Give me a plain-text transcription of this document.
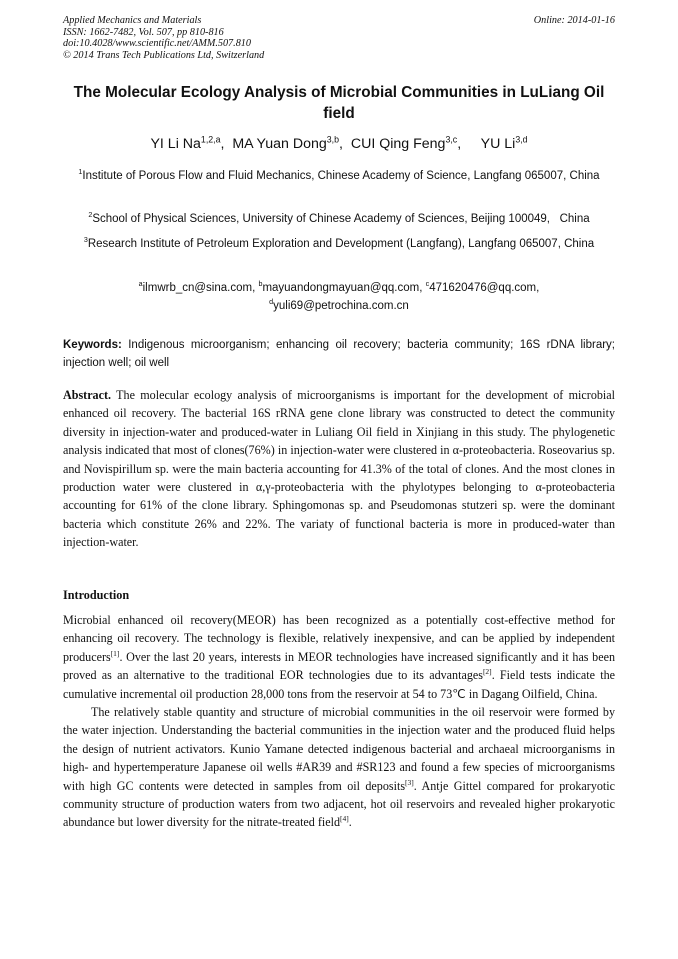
Applied Mechanics and Materials
ISSN: 1662-7482, Vol. 507, pp 810-816
doi:10.4028/www.scientific.net/AMM.507.810
© 2014 Trans Tech Publications Ltd, Switzerland
Online: 2014-01-16
The Molecular Ecology Analysis of Microbial Communities in LuLiang Oil field
YI Li Na$^{1,2,a}$,  MA Yuan Dong$^{3,b}$,  CUI Qing Feng$^{3,c}$,     YU Li$^{3,d}$
$^1$Institute of Porous Flow and Fluid Mechanics, Chinese Academy of Science, Langfang 065007, China
$^2$School of Physical Sciences, University of Chinese Academy of Sciences, Beijing 100049,   China
$^3$Research Institute of Petroleum Exploration and Development (Langfang), Langfang 065007, China
$^a$ilmwrb_cn@sina.com, $^b$mayuandongmayuan@qq.com, $^c$471620476@qq.com,
$^d$yuli69@petrochina.com.cn
Keywords: Indigenous microorganism; enhancing oil recovery; bacteria community; 16S rDNA library; injection well; oil well
Abstract. The molecular ecology analysis of microorganisms is important for the development of microbial enhanced oil recovery. The bacterial 16S rRNA gene clone library was constructed to detect the community diversity in injection-water and produced-water in Luliang Oil field in Xinjiang in this study. The phylogenetic analysis indicated that most of clones(76%) in injection-water were clustered in α-proteobacteria. Roseovarius sp. and Novispirillum sp. were the main bacteria accounting for 41.3% of the total of clones. And the most clones in production water were clustered in α,γ-proteobacteria with the phylotypes belonging to α-proteobacteria accounting for 61% of the clone library. Sphingomonas sp. and Pseudomonas stutzeri sp. were the dominant bacteria which constitute 26% and 22%. The variaty of functional bacteria is more in produced-water than injection-water.
Introduction

Microbial enhanced oil recovery(MEOR) has been recognized as a potentially cost-effective method for enhancing oil recovery. The technology is flexible, relatively inexpensive, and can be applied by independent producers[1]. Over the last 20 years, interests in MEOR technologies have increased significantly and it has been proved as an alternative to the traditional EOR technologies due to its advantages[2]. Field tests indicate the cumulative incremental oil production 28,000 tons from the reservoir at 54 to 73℃ in Dagang Oilfield, China.

The relatively stable quantity and structure of microbial communities in the oil reservoir were formed by the water injection. Understanding the bacterial communities in the injection water and the produced fluid helps the design of nutrient activators. Kunio Yamane detected indigenous bacterial and archaeal microorganisms in high- and hypertemperature Japanese oil wells #AR39 and #SR123 and found a few species of microorganisms with high GC contents were detected in samples from oil deposits[3]. Antje Gittel compared for prokaryotic community structure of production waters from two adjacent, hot oil reservoirs and revealed higher prokaryotic abundance but lower diversity for the nitrate-treated field[4].
